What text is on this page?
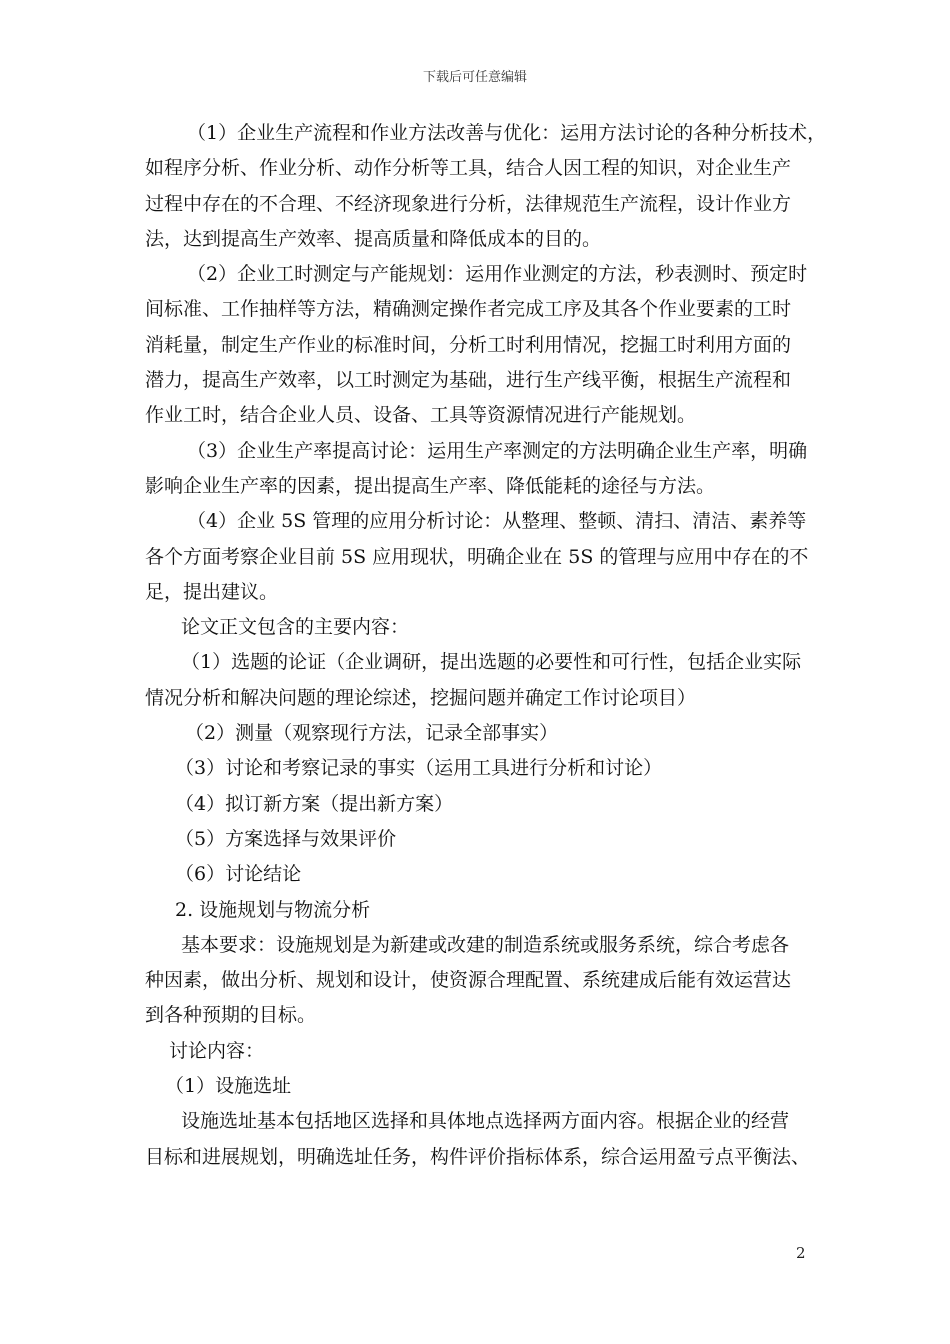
下载后可任意编辑
（1）企业生产流程和作业方法改善与优化：运用方法讨论的各种分析技术，
如程序分析、作业分析、动作分析等工具，结合人因工程的知识，对企业生产
过程中存在的不合理、不经济现象进行分析，法律规范生产流程，设计作业方
法，达到提高生产效率、提高质量和降低成本的目的。
（2）企业工时测定与产能规划：运用作业测定的方法，秒表测时、预定时
间标准、工作抽样等方法，精确测定操作者完成工序及其各个作业要素的工时
消耗量，制定生产作业的标准时间，分析工时利用情况，挖掘工时利用方面的
潜力，提高生产效率，以工时测定为基础，进行生产线平衡，根据生产流程和
作业工时，结合企业人员、设备、工具等资源情况进行产能规划。
（3）企业生产率提高讨论：运用生产率测定的方法明确企业生产率，明确
影响企业生产率的因素，提出提高生产率、降低能耗的途径与方法。
（4）企业 5S 管理的应用分析讨论：从整理、整顿、清扫、清洁、素养等
各个方面考察企业目前 5S 应用现状，明确企业在 5S 的管理与应用中存在的不
足，提出建议。
论文正文包含的主要内容：
（1）选题的论证（企业调研，提出选题的必要性和可行性，包括企业实际
情况分析和解决问题的理论综述，挖掘问题并确定工作讨论项目）
（2）测量（观察现行方法，记录全部事实）
（3）讨论和考察记录的事实（运用工具进行分析和讨论）
（4）拟订新方案（提出新方案）
（5）方案选择与效果评价
（6）讨论结论
2. 设施规划与物流分析
基本要求：设施规划是为新建或改建的制造系统或服务系统，综合考虑各
种因素，做出分析、规划和设计，使资源合理配置、系统建成后能有效运营达
到各种预期的目标。
讨论内容：
（1）设施选址
设施选址基本包括地区选择和具体地点选择两方面内容。根据企业的经营
目标和进展规划，明确选址任务，构件评价指标体系，综合运用盈亏点平衡法、
2
